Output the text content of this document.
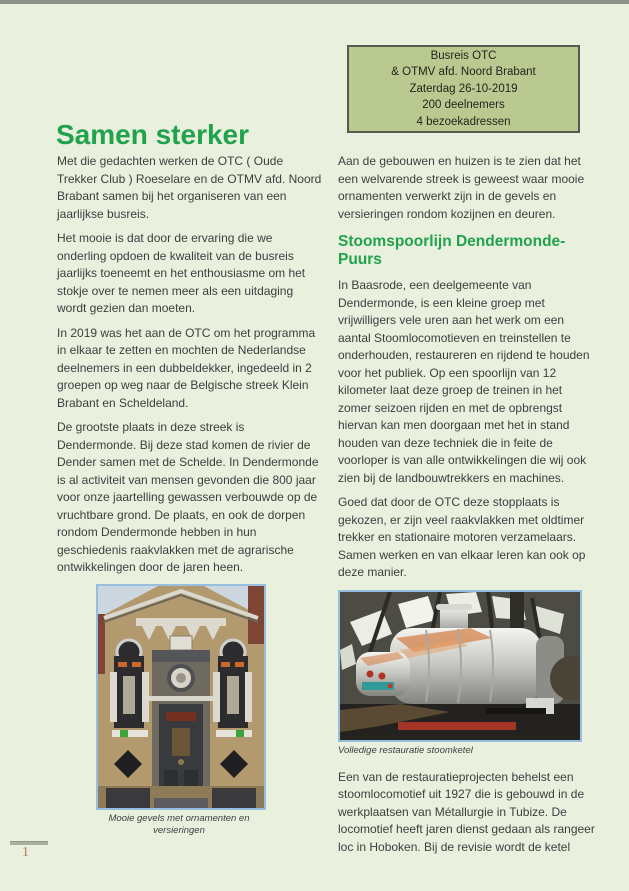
Samen sterker
Busreis OTC
& OTMV afd. Noord Brabant
Zaterdag 26-10-2019
200 deelnemers
4 bezoekadressen

Met die gedachten werken de OTC ( Oude Trekker Club ) Roeselare en de OTMV afd. Noord Brabant samen bij het organiseren van een jaarlijkse busreis.

Het mooie is dat door de ervaring die we onderling opdoen de kwaliteit van de busreis jaarlijks toeneemt en het enthousiasme om het stokje over te nemen meer als een uitdaging wordt gezien dan moeten.

In 2019 was het aan de OTC om het programma in elkaar te zetten en mochten de Nederlandse deelnemers in een dubbeldekker, ingedeeld in 2 groepen op weg naar de Belgische streek Klein Brabant en Scheldeland.

De grootste plaats in deze streek is Dendermonde. Bij deze stad komen de rivier de Dender samen met de Schelde. In Dendermonde is al activiteit van mensen gevonden die 800 jaar voor onze jaartelling gewassen verbouwde op de vruchtbare grond. De plaats, en ook de dorpen rondom Dendermonde hebben in hun geschiedenis raakvlakken met de agrarische ontwikkelingen door de jaren heen.

Mooie gevels met ornamenten en versieringen

Aan de gebouwen en huizen is te zien dat het een welvarende streek is geweest waar mooie ornamenten verwerkt zijn in de gevels en versieringen rondom kozijnen en deuren.

Stoomspoorlijn Dendermonde-Puurs

In Baasrode, een deelgemeente van Dendermonde, is een kleine groep met vrijwilligers vele uren aan het werk om een aantal Stoomlocomotieven en treinstellen te onderhouden, restaureren en rijdend te houden voor het publiek. Op een spoorlijn van 12 kilometer laat deze groep de treinen in het zomer seizoen rijden en met de opbrengst hiervan kan men doorgaan met het in stand houden van deze techniek die in feite de voorloper is van alle ontwikkelingen die wij ook zien bij de landbouwtrekkers en machines.

Goed dat door de OTC deze stopplaats is gekozen, er zijn veel raakvlakken met oldtimer trekker en stationaire motoren verzamelaars. Samen werken en van elkaar leren kan ook op deze manier.

Volledige restauratie stoomketel

Een van de restauratieprojecten behelst een stoomlocomotief uit 1927 die is gebouwd in de werkplaatsen van Métallurgie in Tubize. De locomotief heeft jaren dienst gedaan als rangeer loc in Hoboken. Bij de revisie wordt de ketel

1
